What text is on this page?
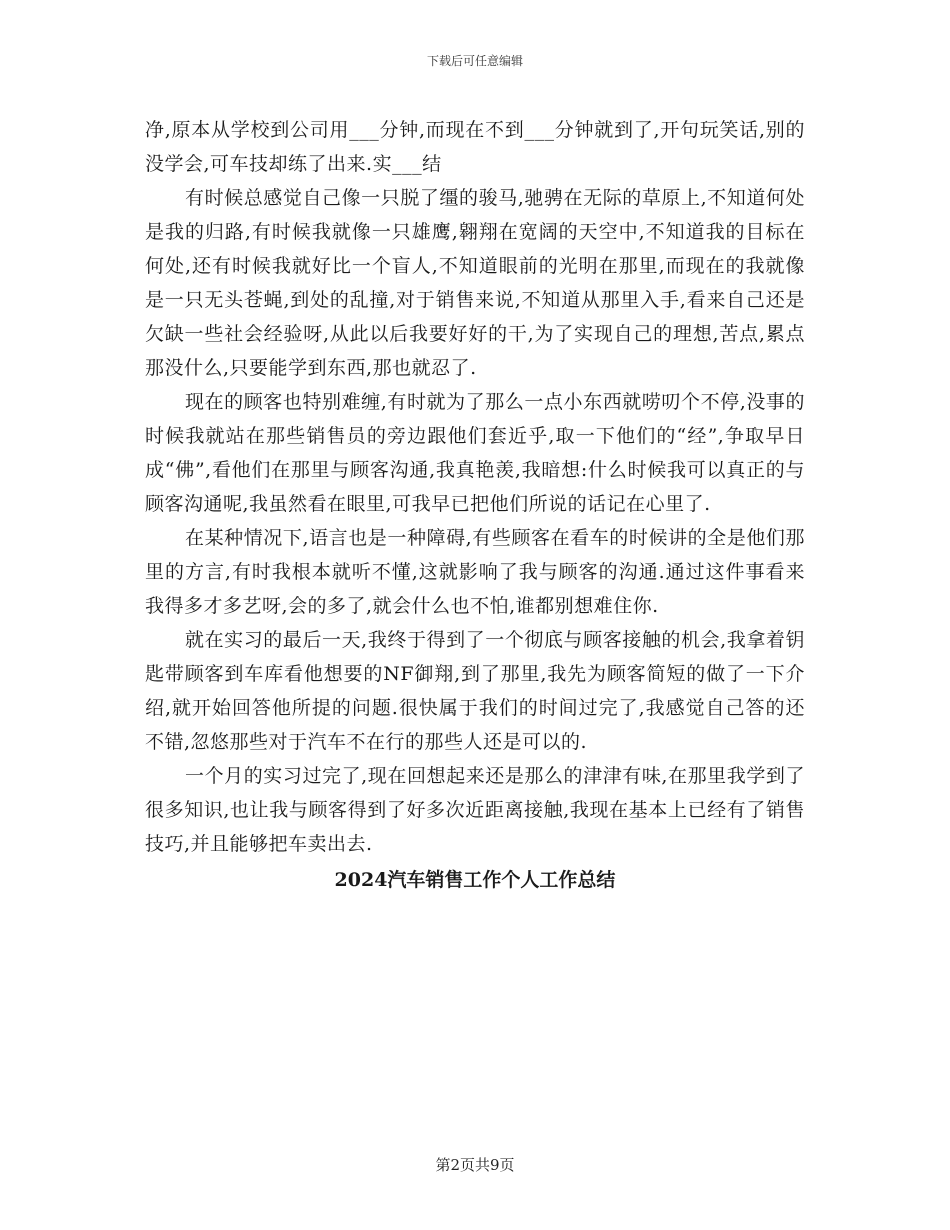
下载后可任意编辑

净,原本从学校到公司用___分钟,而现在不到___分钟就到了,开句玩笑话,别的没学会,可车技却练了出来.实___结

有时候总感觉自己像一只脱了缰的骏马,驰骋在无际的草原上,不知道何处是我的归路,有时候我就像一只雄鹰,翱翔在宽阔的天空中,不知道我的目标在何处,还有时候我就好比一个盲人,不知道眼前的光明在那里,而现在的我就像是一只无头苍蝇,到处的乱撞,对于销售来说,不知道从那里入手,看来自己还是欠缺一些社会经验呀,从此以后我要好好的干,为了实现自己的理想,苦点,累点那没什么,只要能学到东西,那也就忍了.

现在的顾客也特别难缠,有时就为了那么一点小东西就唠叨个不停,没事的时候我就站在那些销售员的旁边跟他们套近乎,取一下他们的“经”,争取早日成“佛”,看他们在那里与顾客沟通,我真艳羡,我暗想:什么时候我可以真正的与顾客沟通呢,我虽然看在眼里,可我早已把他们所说的话记在心里了.

在某种情况下,语言也是一种障碍,有些顾客在看车的时候讲的全是他们那里的方言,有时我根本就听不懂,这就影响了我与顾客的沟通.通过这件事看来我得多才多艺呀,会的多了,就会什么也不怕,谁都别想难住你.

就在实习的最后一天,我终于得到了一个彻底与顾客接触的机会,我拿着钥匙带顾客到车库看他想要的NF御翔,到了那里,我先为顾客简短的做了一下介绍,就开始回答他所提的问题.很快属于我们的时间过完了,我感觉自己答的还不错,忽悠那些对于汽车不在行的那些人还是可以的.

一个月的实习过完了,现在回想起来还是那么的津津有味,在那里我学到了很多知识,也让我与顾客得到了好多次近距离接触,我现在基本上已经有了销售技巧,并且能够把车卖出去.

2024汽车销售工作个人工作总结

第2页共9页
